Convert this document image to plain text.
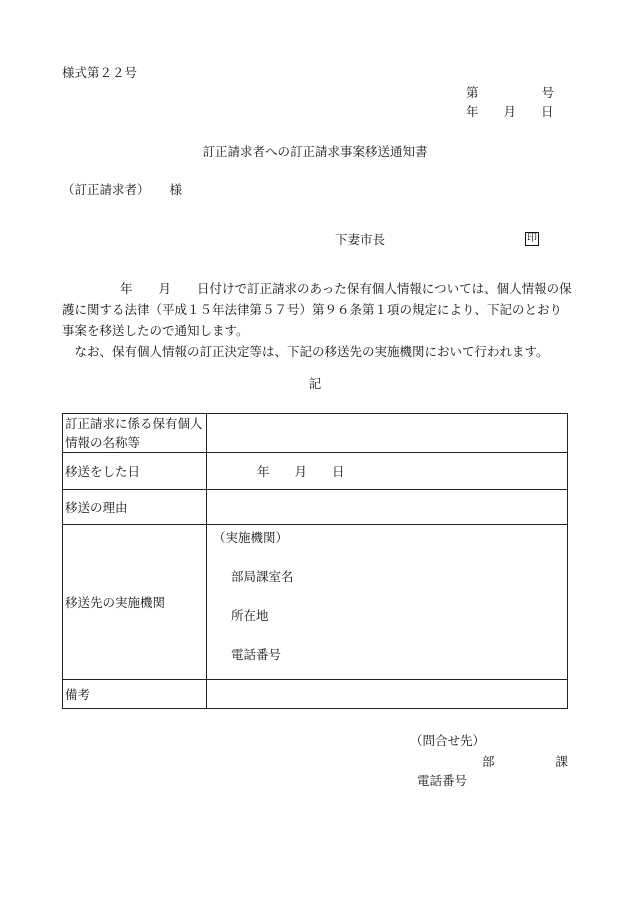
様式第２２号
第	号
年　　月　　日
訂正請求者への訂正請求事案移送通知書
（訂正請求者） 様
下妻市長	印

年 月 日付けで訂正請求のあった保有個人情報については、個人情報の保護に関する法律（平成１５年法律第５７号）第９６条第１項の規定により、下記のとおり事案を移送したので通知します。

　なお、保有個人情報の訂正決定等は、下記の移送先の実施機関において行われます。

記
訂正請求に係る保有個人情報の名称等	
移送をした日	年　　月　　日
移送の理由	
移送先の実施機関	（実施機関）
部局課室名
所在地
電話番号

備考	
（問合せ先）
部	課
電話番号
